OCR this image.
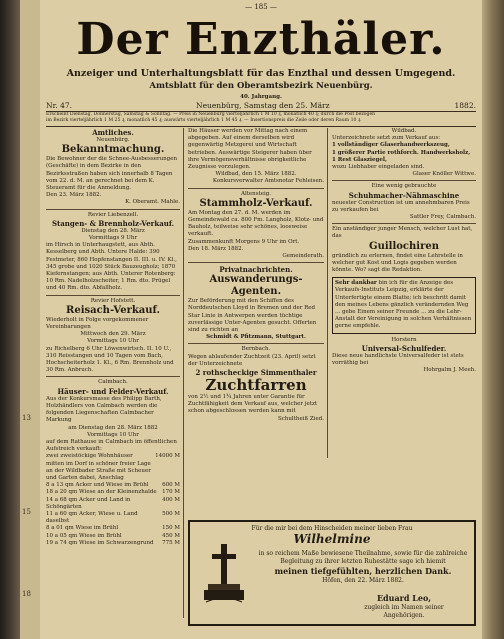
13
15
18
— 185 —
Der Enzthäler.
Anzeiger und Unterhaltungsblatt für das Enzthal und dessen Umgegend.
Amtsblatt für den Oberamtsbezirk Neuenbürg.
40. Jahrgang.
Nr. 47.	Neuenbürg, Samstag den 25. März	1882.
Erscheint Dienstag, Donnerstag, Samstag & Sonntag. — Preis in Neuenbürg vierteljährlich 1 M 10 ₰, monatlich 40 ₰; durch die Post bezogen
im Bezirk vierteljährlich 1 M 25 ₰, monatlich 45 ₰; auswärts vierteljährlich 1 M 45 ₰. — Insertionspreis die Zeile oder deren Raum 10 ₰.
Amtliches.
Neuenbürg.
Bekanntmachung.
Die Bewohner der die Schnee-Ausbesserungen (Geschäfte) in dem Bezirke in den Bezirksstraßen haben sich innerhalb 8 Tagen vom 22. d. M. an gerechnet bei dem K. Steueramt für die Anmeldung.
Den 23. März 1882.
K. Oberamt. Mahle.
Revier Liebenzell.
Stangen- & Brennholz-Verkauf.
Dienstag den 28. März
Vormittags 9 Uhr
im Hirsch in Unterhaugstett, aus Abth. Kesselberg und Abth. Untere Halde: 390 Festmeter, 860 Hopfenstangen II. III. u. IV. Kl., 345 grobe und 1020 Stück Bauzeugholz; 1870 Kiefernstangen; aus Abth. Unterer Rotenberg: 10 Rm. Nadelholzscheiter, 1 Rm. dto. Prügel und 40 Rm. dto. Abfallholz.
Revier Hofstett.
Reisach-Verkauf.
Wiederholt in Folge vorgekommener Vereinbarungen
Mittwoch den 29. März
Vormittags 10 Uhr
zu Richelberg 6 Uhr Löwenwirtsch. II. 10 U., 310 Reisstangen und 10 Tagen vom Bach, Hochscheiterholz 1. Kl., 6 Rm. Brennholz und 30 Rm. Anbruch.
Calmbach.
Häuser- und Felder-Verkauf.
Aus der Konkursmasse des Philipp Barth, Holzhändlers von Calmbach werden die folgenden Liegenschaften Calmbacher Markung
am Dienstag den 28. März 1882
Vormittags 10 Uhr
auf dem Rathause in Calmbach im öffentlichen Aufstreich verkauft:
zwei zweistöckige Wohnhäuser mitten im Dorf in schöner freier Lage an der Wildbader Straße mit Scheuer und Garten dabei, Anschlag
14000 M
8 a 13 qm Acker und Wiese im Brühl	600 M
18 a 20 qm Wiese an der Kleinenzhalde	170 M
14 a 68 qm Acker und Land in Schöngärten
400 M
11 a 60 qm Acker, Wiese u. Land daselbst
500 M
8 a 01 qm Wiese im Brühl	150 M
10 a 05 qm Wiese im Brühl	450 M
19 a 74 qm Wiese im Schwarzengrund	775 M
Die Häuser werden vor Mittag nach einem abgegeben. Auf einem derselben wird gegenwärtig Metzgerei und Wirtschaft betrieben. Auswärtige Steigerer haben über ihre Vermögensverhältnisse obrigkeitliche Zeugnisse vorzulegen.
Wildbad, den 15. März 1882.
Konkursverwalter Amtsnotar Fehleisen.
Altensteig.
Stammholz-Verkauf.
Am Montag den 27. d. M. werden im Gemeindewald ca. 800 Fm. Langholz, Klotz- und Bauholz, teilweise sehr schönes, loosweise verkauft.
Zusammenkunft Morgens 9 Uhr im Ort.
Den 18. März 1882.
Gemeinderath.
Privatnachrichten.
Auswanderungs-Agenten.
Zur Beförderung mit den Schiffen des Norddeutschen Lloyd in Bremen und der Red Star Linie in Antwerpen werden tüchtige zuverlässige Unter-Agenten gesucht. Offerten sind zu richten an
Schmidt & Pfitzmann, Stuttgart.
Bernbach.
Wegen ablaufender Zuchtzeit (23. April) setzt der Unterzeichnete
2 rothscheckige Simmenthaler
Zuchtfarren
von 2½ und 1¾ Jahren unter Garantie für Zuchtfähigkeit dem Verkauf aus, welcher jetzt schon abgeschlossen werden kann mit
Schultheiß Zied.
Wildbad.
Unterzeichnete setzt zum Verkauf aus:
1 vollständiger Glaserhandwerkszeug,
1 größerer Partie rothforch. Handwerksholz,
1 Rest Glasziegel,
wozu Liebhaber eingeladen sind.
Glaser Knöller Wittwe.
Eine wenig gebrauchte
Schuhmacher-Nähmaschine
neuester Construction ist um annehmbaren Preis zu verkaufen bei
Sattler Frey, Calmbach.
Ein anständiger junger Mensch, welcher Lust hat, das
Guillochiren
gründlich zu erlernen, findet eine Lehrstelle in welcher gut Kost und Logis gegeben werden könnte. Wo? sagt die Redaktion.
Sehr dankbar bin ich für die Anzeige des Verkaufs-Instituts Leipzig, erklärte der Unterfertigte einem Blatte; ich beschritt damit den meines Lebens gänzlich verändernden Weg ... gebe Einem seiner Freunde ... zu die Lehr-Anstalt der Vereinigung in solchen Verhältnissen gerne empfehle.
Horstern
Universal-Schulfeder.
Diese neue handlichste Universalfeder ist stets vorräthig bei
Hohrgalm J. Meeh.
Für die mir bei dem Hinscheiden meiner lieben Frau
Wilhelmine
in so reichem Maße bewiesene Theilnahme, sowie für die zahlreiche Begleitung zu ihrer letzten Ruhestätte sage ich hiemit
meinen tiefgefühlten, herzlichen Dank.
Höfen, den 22. März 1882.
Eduard Leo,
zugleich im Namen seiner Angehörigen.
